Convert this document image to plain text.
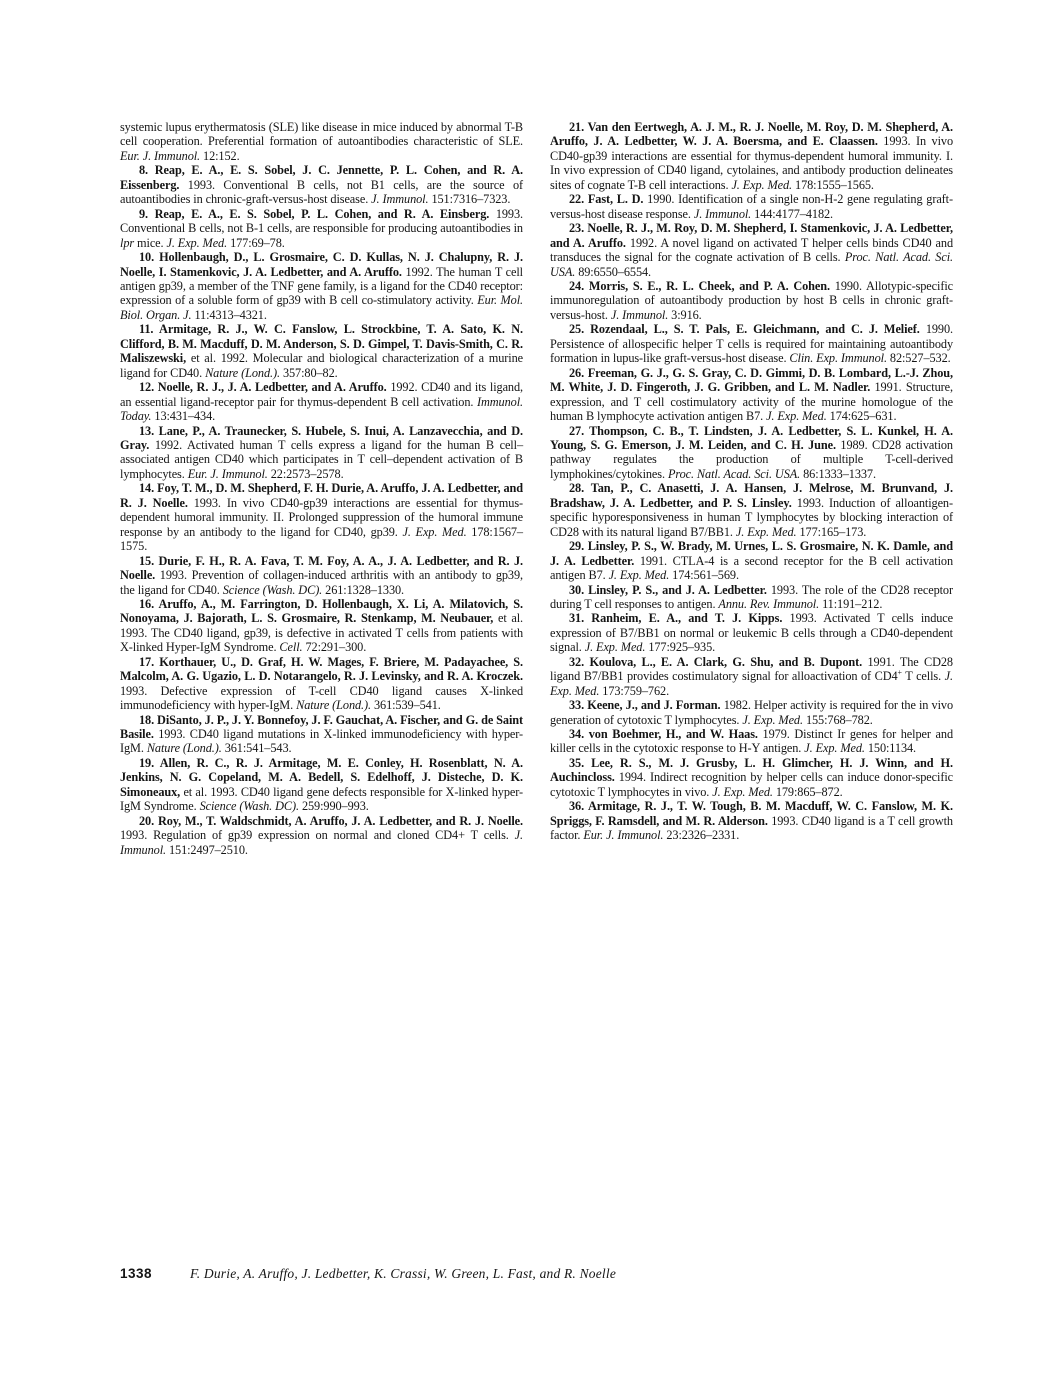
systemic lupus erythermatosis (SLE) like disease in mice induced by abnormal T-B cell cooperation. Preferential formation of autoantibodies characteristic of SLE. Eur. J. Immunol. 12:152.

8. Reap, E. A., E. S. Sobel, J. C. Jennette, P. L. Cohen, and R. A. Eissenberg. 1993. Conventional B cells, not B1 cells, are the source of autoantibodies in chronic-graft-versus-host disease. J. Immunol. 151:7316–7323.

9. Reap, E. A., E. S. Sobel, P. L. Cohen, and R. A. Einsberg. 1993. Conventional B cells, not B-1 cells, are responsible for producing autoantibodies in lpr mice. J. Exp. Med. 177:69–78.

10. Hollenbaugh, D., L. Grosmaire, C. D. Kullas, N. J. Chalupny, R. J. Noelle, I. Stamenkovic, J. A. Ledbetter, and A. Aruffo. 1992. The human T cell antigen gp39, a member of the TNF gene family, is a ligand for the CD40 receptor: expression of a soluble form of gp39 with B cell co-stimulatory activity. Eur. Mol. Biol. Organ. J. 11:4313–4321.

11. Armitage, R. J., W. C. Fanslow, L. Strockbine, T. A. Sato, K. N. Clifford, B. M. Macduff, D. M. Anderson, S. D. Gimpel, T. Davis-Smith, C. R. Maliszewski, et al. 1992. Molecular and biological characterization of a murine ligand for CD40. Nature (Lond.). 357:80–82.

12. Noelle, R. J., J. A. Ledbetter, and A. Aruffo. 1992. CD40 and its ligand, an essential ligand-receptor pair for thymus-dependent B cell activation. Immunol. Today. 13:431–434.

13. Lane, P., A. Traunecker, S. Hubele, S. Inui, A. Lanzavecchia, and D. Gray. 1992. Activated human T cells express a ligand for the human B cell–associated antigen CD40 which participates in T cell–dependent activation of B lymphocytes. Eur. J. Immunol. 22:2573–2578.

14. Foy, T. M., D. M. Shepherd, F. H. Durie, A. Aruffo, J. A. Ledbetter, and R. J. Noelle. 1993. In vivo CD40-gp39 interactions are essential for thymus-dependent humoral immunity. II. Prolonged suppression of the humoral immune response by an antibody to the ligand for CD40, gp39. J. Exp. Med. 178:1567–1575.

15. Durie, F. H., R. A. Fava, T. M. Foy, A. A., J. A. Ledbetter, and R. J. Noelle. 1993. Prevention of collagen-induced arthritis with an antibody to gp39, the ligand for CD40. Science (Wash. DC). 261:1328–1330.

16. Aruffo, A., M. Farrington, D. Hollenbaugh, X. Li, A. Milatovich, S. Nonoyama, J. Bajorath, L. S. Grosmaire, R. Stenkamp, M. Neubauer, et al. 1993. The CD40 ligand, gp39, is defective in activated T cells from patients with X-linked Hyper-IgM Syndrome. Cell. 72:291–300.

17. Korthauer, U., D. Graf, H. W. Mages, F. Briere, M. Padayachee, S. Malcolm, A. G. Ugazio, L. D. Notarangelo, R. J. Levinsky, and R. A. Kroczek. 1993. Defective expression of T-cell CD40 ligand causes X-linked immunodeficiency with hyper-IgM. Nature (Lond.). 361:539–541.

18. DiSanto, J. P., J. Y. Bonnefoy, J. F. Gauchat, A. Fischer, and G. de Saint Basile. 1993. CD40 ligand mutations in X-linked immunodeficiency with hyper-IgM. Nature (Lond.). 361:541–543.

19. Allen, R. C., R. J. Armitage, M. E. Conley, H. Rosenblatt, N. A. Jenkins, N. G. Copeland, M. A. Bedell, S. Edelhoff, J. Disteche, D. K. Simoneaux, et al. 1993. CD40 ligand gene defects responsible for X-linked hyper-IgM Syndrome. Science (Wash. DC). 259:990–993.

20. Roy, M., T. Waldschmidt, A. Aruffo, J. A. Ledbetter, and R. J. Noelle. 1993. Regulation of gp39 expression on normal and cloned CD4+ T cells. J. Immunol. 151:2497–2510.

21. Van den Eertwegh, A. J. M., R. J. Noelle, M. Roy, D. M. Shepherd, A. Aruffo, J. A. Ledbetter, W. J. A. Boersma, and E. Claassen. 1993. In vivo CD40-gp39 interactions are essential for thymus-dependent humoral immunity. I. In vivo expression of CD40 ligand, cytolaines, and antibody production delineates sites of cognate T-B cell interactions. J. Exp. Med. 178:1555–1565.

22. Fast, L. D. 1990. Identification of a single non-H-2 gene regulating graft-versus-host disease response. J. Immunol. 144:4177–4182.

23. Noelle, R. J., M. Roy, D. M. Shepherd, I. Stamenkovic, J. A. Ledbetter, and A. Aruffo. 1992. A novel ligand on activated T helper cells binds CD40 and transduces the signal for the cognate activation of B cells. Proc. Natl. Acad. Sci. USA. 89:6550–6554.

24. Morris, S. E., R. L. Cheek, and P. A. Cohen. 1990. Allotypic-specific immunoregulation of autoantibody production by host B cells in chronic graft-versus-host. J. Immunol. 3:916.

25. Rozendaal, L., S. T. Pals, E. Gleichmann, and C. J. Melief. 1990. Persistence of allospecific helper T cells is required for maintaining autoantibody formation in lupus-like graft-versus-host disease. Clin. Exp. Immunol. 82:527–532.

26. Freeman, G. J., G. S. Gray, C. D. Gimmi, D. B. Lombard, L.-J. Zhou, M. White, J. D. Fingeroth, J. G. Gribben, and L. M. Nadler. 1991. Structure, expression, and T cell costimulatory activity of the murine homologue of the human B lymphocyte activation antigen B7. J. Exp. Med. 174:625–631.

27. Thompson, C. B., T. Lindsten, J. A. Ledbetter, S. L. Kunkel, H. A. Young, S. G. Emerson, J. M. Leiden, and C. H. June. 1989. CD28 activation pathway regulates the production of multiple T-cell-derived lymphokines/cytokines. Proc. Natl. Acad. Sci. USA. 86:1333–1337.

28. Tan, P., C. Anasetti, J. A. Hansen, J. Melrose, M. Brunvand, J. Bradshaw, J. A. Ledbetter, and P. S. Linsley. 1993. Induction of alloantigen-specific hyporesponsiveness in human T lymphocytes by blocking interaction of CD28 with its natural ligand B7/BB1. J. Exp. Med. 177:165–173.

29. Linsley, P. S., W. Brady, M. Urnes, L. S. Grosmaire, N. K. Damle, and J. A. Ledbetter. 1991. CTLA-4 is a second receptor for the B cell activation antigen B7. J. Exp. Med. 174:561–569.

30. Linsley, P. S., and J. A. Ledbetter. 1993. The role of the CD28 receptor during T cell responses to antigen. Annu. Rev. Immunol. 11:191–212.

31. Ranheim, E. A., and T. J. Kipps. 1993. Activated T cells induce expression of B7/BB1 on normal or leukemic B cells through a CD40-dependent signal. J. Exp. Med. 177:925–935.

32. Koulova, L., E. A. Clark, G. Shu, and B. Dupont. 1991. The CD28 ligand B7/BB1 provides costimulatory signal for alloactivation of CD4+ T cells. J. Exp. Med. 173:759–762.

33. Keene, J., and J. Forman. 1982. Helper activity is required for the in vivo generation of cytotoxic T lymphocytes. J. Exp. Med. 155:768–782.

34. von Boehmer, H., and W. Haas. 1979. Distinct Ir genes for helper and killer cells in the cytotoxic response to H-Y antigen. J. Exp. Med. 150:1134.

35. Lee, R. S., M. J. Grusby, L. H. Glimcher, H. J. Winn, and H. Auchincloss. 1994. Indirect recognition by helper cells can induce donor-specific cytotoxic T lymphocytes in vivo. J. Exp. Med. 179:865–872.

36. Armitage, R. J., T. W. Tough, B. M. Macduff, W. C. Fanslow, M. K. Spriggs, F. Ramsdell, and M. R. Alderson. 1993. CD40 ligand is a T cell growth factor. Eur. J. Immunol. 23:2326–2331.

1338	F. Durie, A. Aruffo, J. Ledbetter, K. Crassi, W. Green, L. Fast, and R. Noelle
